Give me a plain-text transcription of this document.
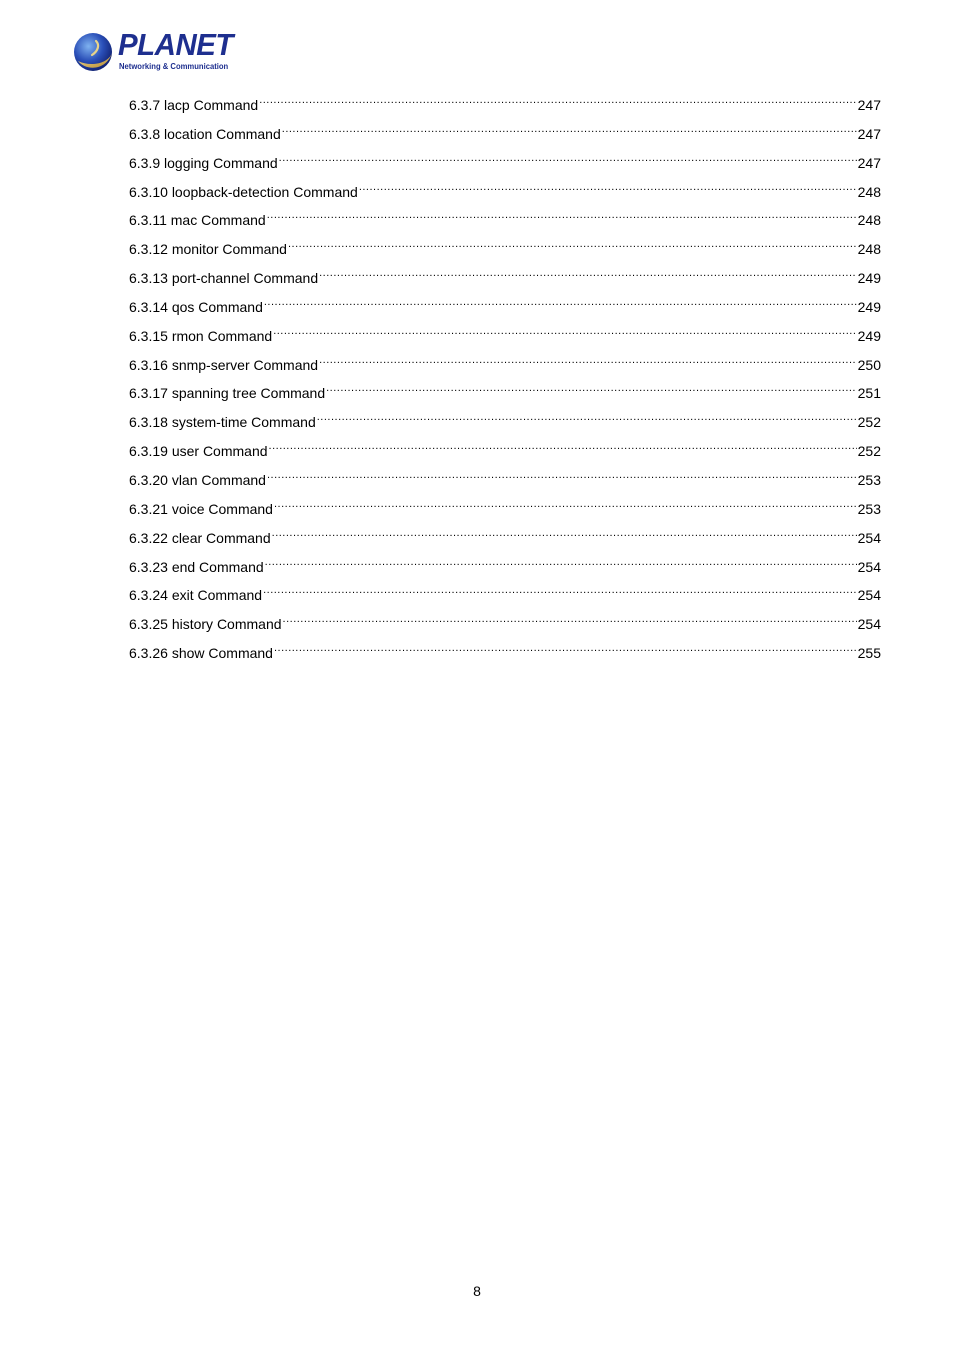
PLANET
Networking & Communication
6.3.7 lacp Command .....	247
6.3.8 location Command .....	247
6.3.9 logging Command .....	247
6.3.10 loopback-detection Command .....	248
6.3.11 mac Command .....	248
6.3.12 monitor Command .....	248
6.3.13 port-channel Command .....	249
6.3.14 qos Command .....	249
6.3.15 rmon Command .....	249
6.3.16 snmp-server Command .....	250
6.3.17 spanning tree Command .....	251
6.3.18 system-time Command .....	252
6.3.19 user Command .....	252
6.3.20 vlan Command .....	253
6.3.21 voice Command .....	253
6.3.22 clear Command .....	254
6.3.23 end Command .....	254
6.3.24 exit Command .....	254
6.3.25 history Command .....	254
6.3.26 show Command .....	255
8
